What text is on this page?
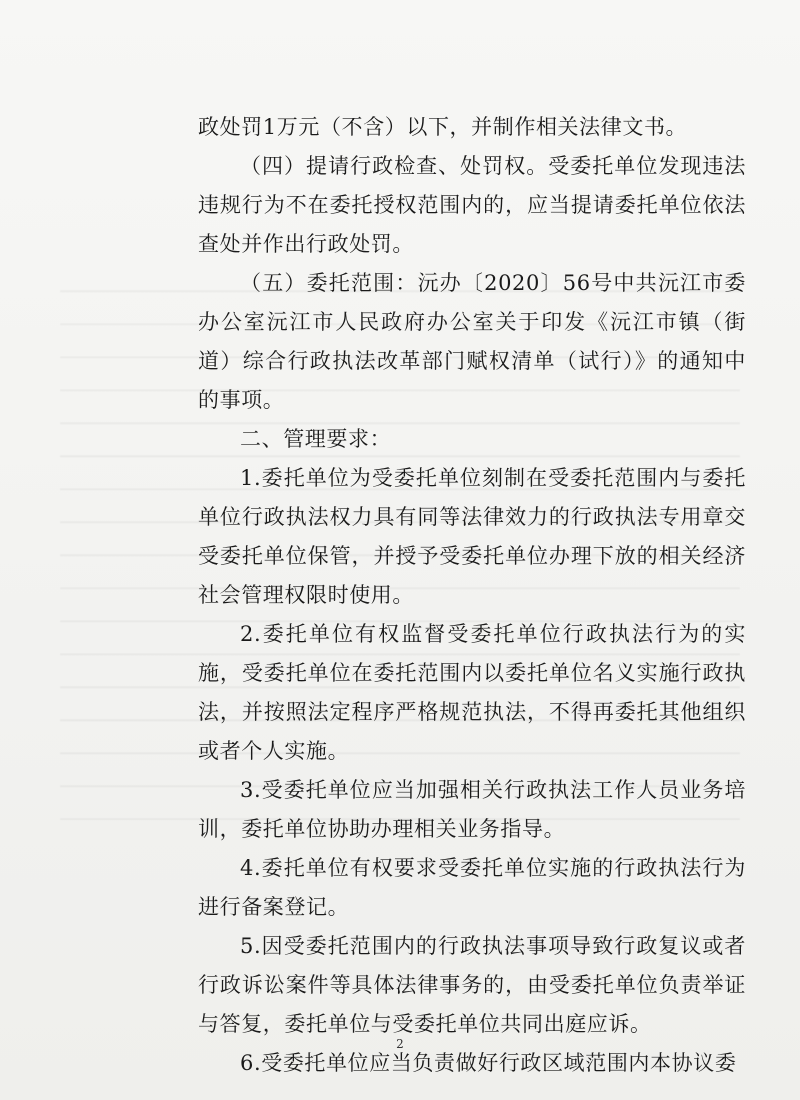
政处罚1万元（不含）以下，并制作相关法律文书。

（四）提请行政检查、处罚权。受委托单位发现违法违规行为不在委托授权范围内的，应当提请委托单位依法查处并作出行政处罚。

（五）委托范围：沅办〔2020〕56号中共沅江市委办公室沅江市人民政府办公室关于印发《沅江市镇（街道）综合行政执法改革部门赋权清单（试行）》的通知中的事项。

二、管理要求：

1.委托单位为受委托单位刻制在受委托范围内与委托单位行政执法权力具有同等法律效力的行政执法专用章交受委托单位保管，并授予受委托单位办理下放的相关经济社会管理权限时使用。

2.委托单位有权监督受委托单位行政执法行为的实施，受委托单位在委托范围内以委托单位名义实施行政执法，并按照法定程序严格规范执法，不得再委托其他组织或者个人实施。

3.受委托单位应当加强相关行政执法工作人员业务培训，委托单位协助办理相关业务指导。

4.委托单位有权要求受委托单位实施的行政执法行为进行备案登记。

5.因受委托范围内的行政执法事项导致行政复议或者行政诉讼案件等具体法律事务的，由受委托单位负责举证与答复，委托单位与受委托单位共同出庭应诉。

6.受委托单位应当负责做好行政区域范围内本协议委

2
